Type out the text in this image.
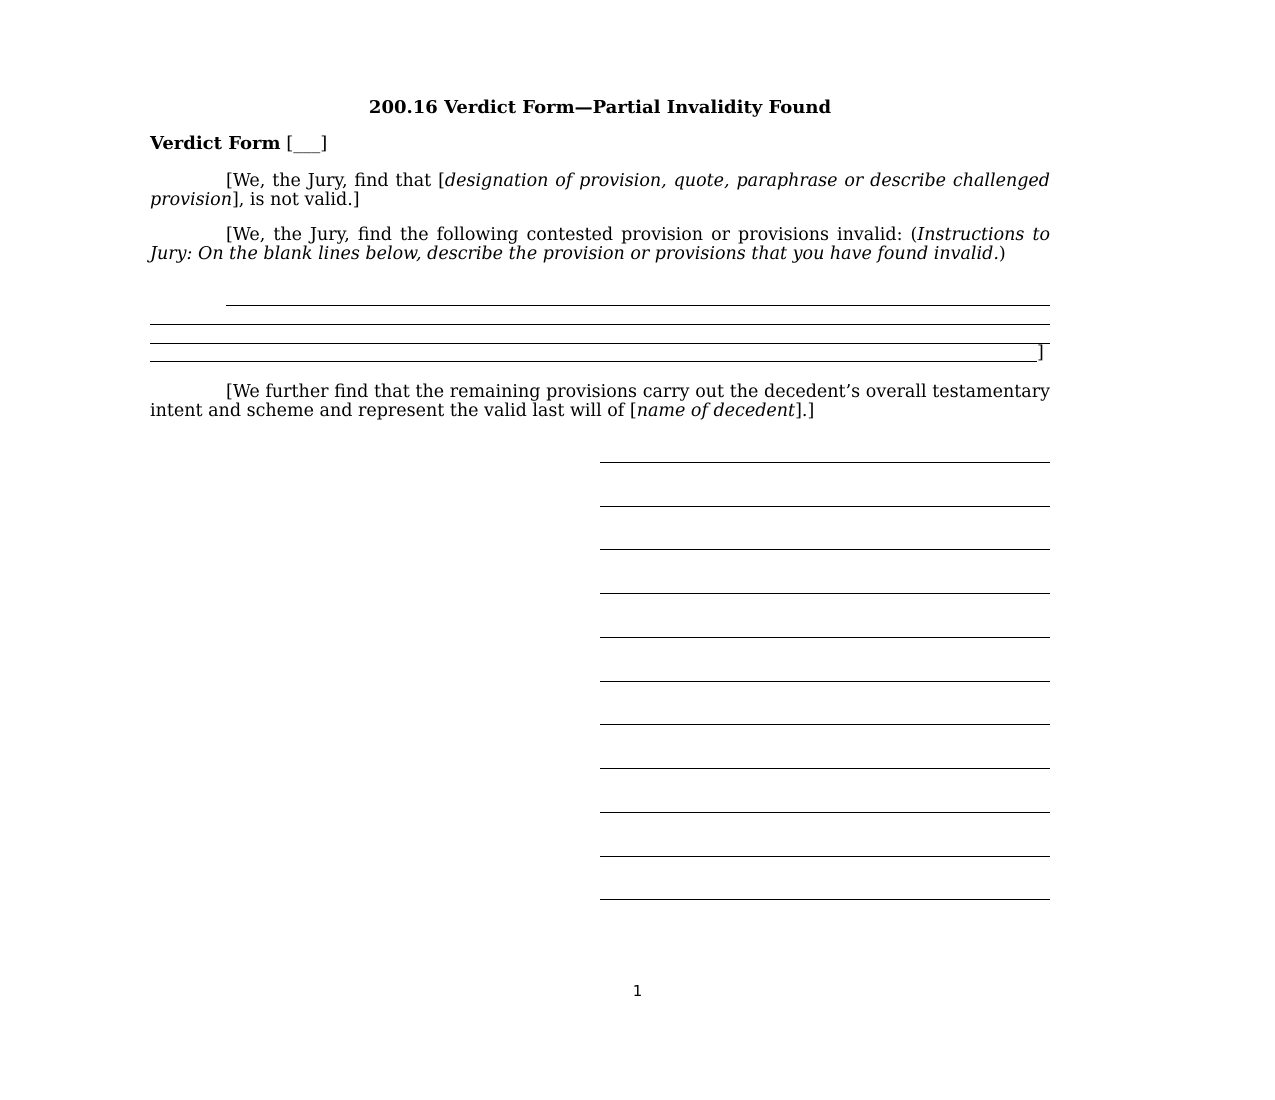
200.16 Verdict Form—Partial Invalidity Found
Verdict Form [___]
[We, the Jury, find that [designation of provision, quote, paraphrase or describe challenged provision], is not valid.]
[We, the Jury, find the following contested provision or provisions invalid: (Instructions to Jury: On the blank lines below, describe the provision or provisions that you have found invalid.)
]
[We further find that the remaining provisions carry out the decedent’s overall testamentary intent and scheme and represent the valid last will of [name of decedent].]
1
